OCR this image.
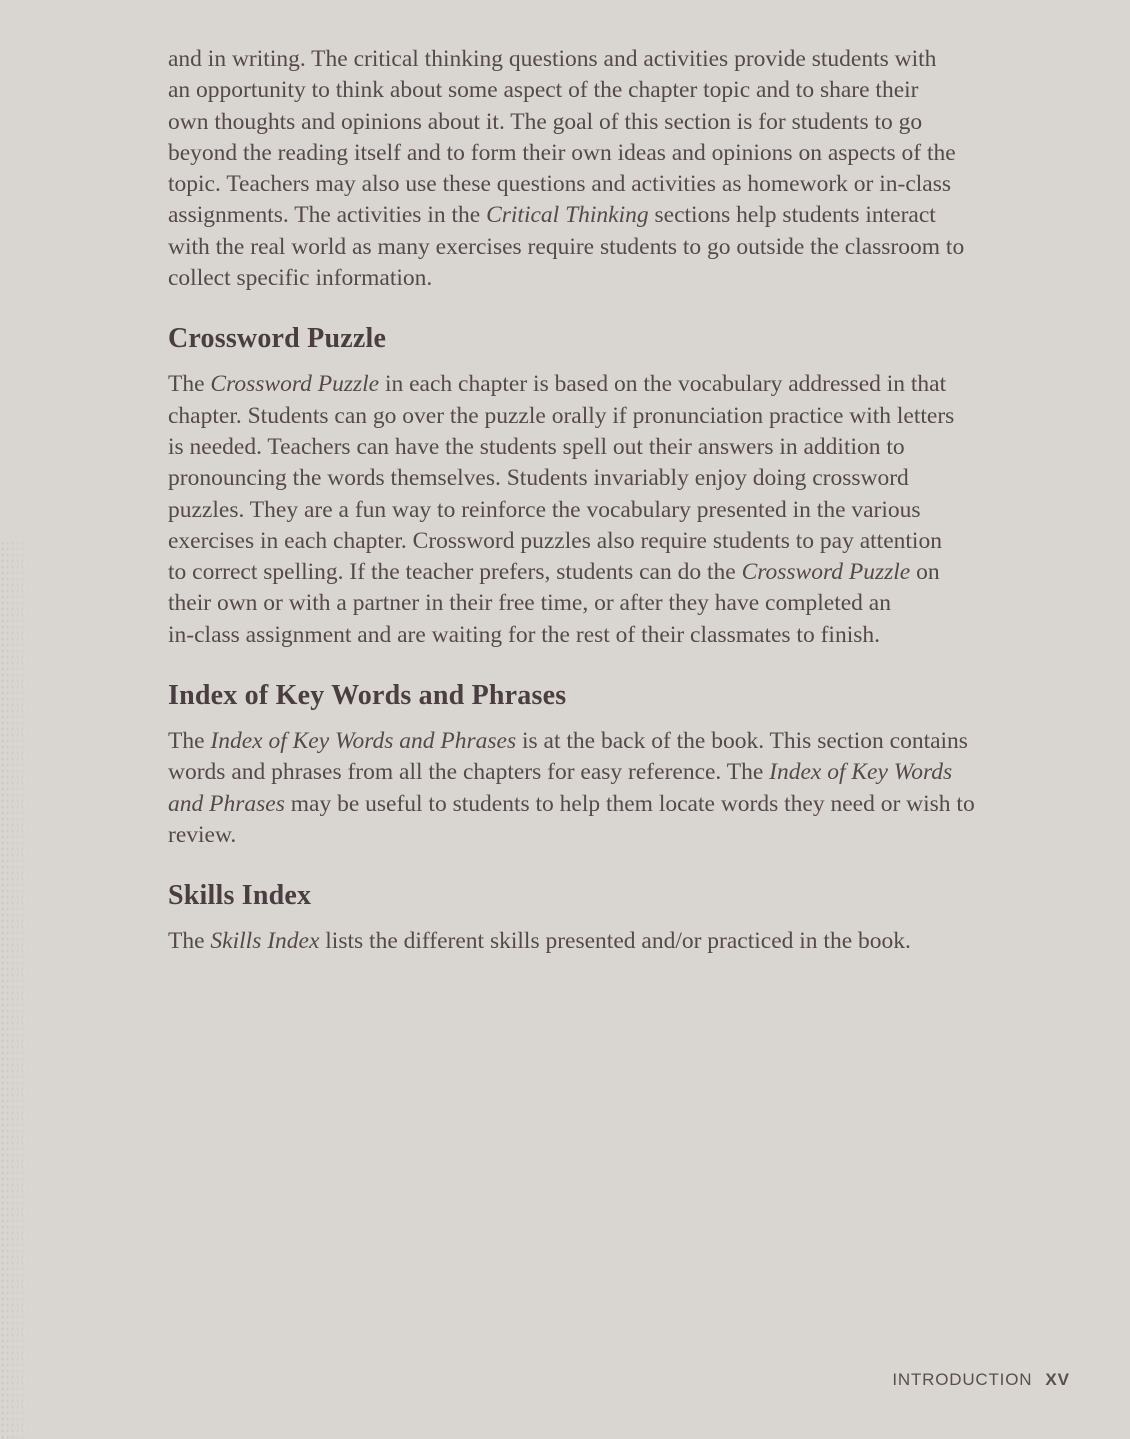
and in writing. The critical thinking questions and activities provide students with
an opportunity to think about some aspect of the chapter topic and to share their
own thoughts and opinions about it. The goal of this section is for students to go
beyond the reading itself and to form their own ideas and opinions on aspects of the
topic. Teachers may also use these questions and activities as homework or in-class
assignments. The activities in the Critical Thinking sections help students interact
with the real world as many exercises require students to go outside the classroom to
collect specific information.
Crossword Puzzle
The Crossword Puzzle in each chapter is based on the vocabulary addressed in that
chapter. Students can go over the puzzle orally if pronunciation practice with letters
is needed. Teachers can have the students spell out their answers in addition to
pronouncing the words themselves. Students invariably enjoy doing crossword
puzzles. They are a fun way to reinforce the vocabulary presented in the various
exercises in each chapter. Crossword puzzles also require students to pay attention
to correct spelling. If the teacher prefers, students can do the Crossword Puzzle on
their own or with a partner in their free time, or after they have completed an
in-class assignment and are waiting for the rest of their classmates to finish.
Index of Key Words and Phrases
The Index of Key Words and Phrases is at the back of the book. This section contains
words and phrases from all the chapters for easy reference. The Index of Key Words
and Phrases may be useful to students to help them locate words they need or wish to
review.
Skills Index
The Skills Index lists the different skills presented and/or practiced in the book.
INTRODUCTION XV
